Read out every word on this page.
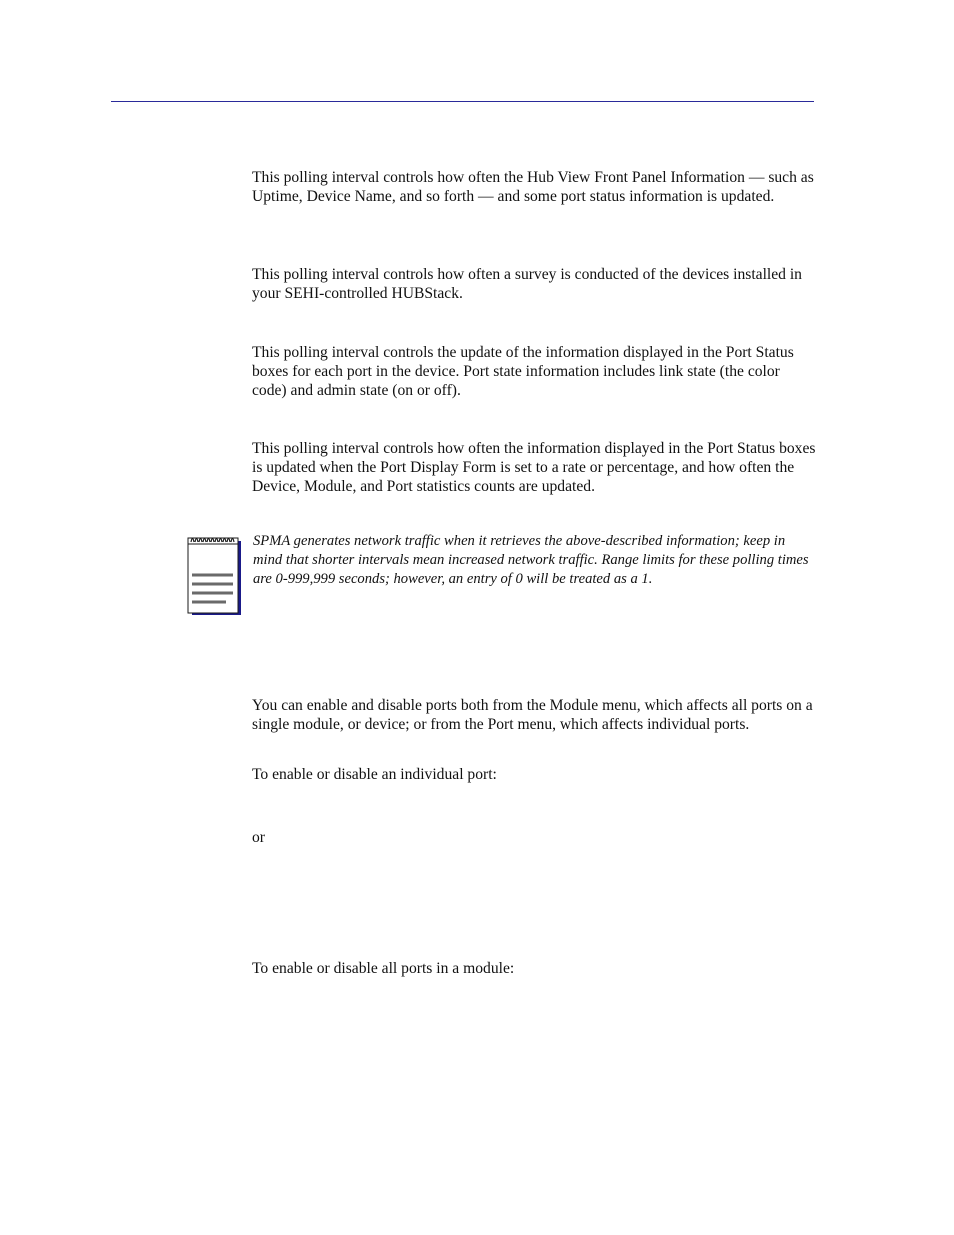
This polling interval controls how often the Hub View Front Panel Information — such as Uptime, Device Name, and so forth — and some port status information is updated.

This polling interval controls how often a survey is conducted of the devices installed in your SEHI-controlled HUBStack.

This polling interval controls the update of the information displayed in the Port Status boxes for each port in the device. Port state information includes link state (the color code) and admin state (on or off).

This polling interval controls how often the information displayed in the Port Status boxes is updated when the Port Display Form is set to a rate or percentage, and how often the Device, Module, and Port statistics counts are updated.

SPMA generates network traffic when it retrieves the above-described information; keep in mind that shorter intervals mean increased network traffic. Range limits for these polling times are 0-999,999 seconds; however, an entry of 0 will be treated as a 1.

You can enable and disable ports both from the Module menu, which affects all ports on a single module, or device; or from the Port menu, which affects individual ports.

To enable or disable an individual port:

or

To enable or disable all ports in a module:
